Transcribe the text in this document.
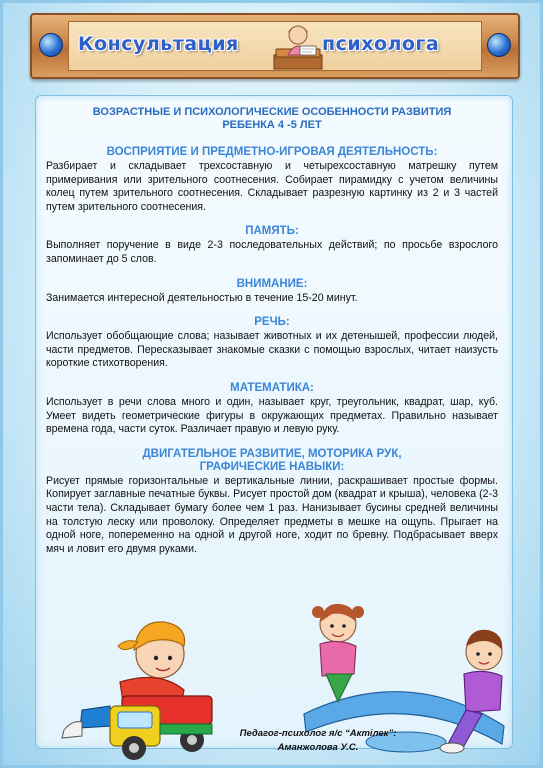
Консультация	психолога

ВОЗРАСТНЫЕ И ПСИХОЛОГИЧЕСКИЕ ОСОБЕННОСТИ РАЗВИТИЯ
РЕБЕНКА 4 -5 ЛЕТ

ВОСПРИЯТИЕ И ПРЕДМЕТНО-ИГРОВАЯ ДЕЯТЕЛЬНОСТЬ:

Разбирает и складывает трехсоставную и четырехсоставную матрешку путем примеривания или зрительного соотнесения. Собирает пирамидку с учетом величины колец путем зрительного соотнесения. Складывает разрезную картинку из 2 и 3 частей путем зрительного соотнесения.

ПАМЯТЬ:

Выполняет поручение в виде 2-3 последовательных действий; по просьбе взрослого запоминает до 5 слов.

ВНИМАНИЕ:

Занимается интересной деятельностью в течение 15-20 минут.

РЕЧЬ:

Использует обобщающие слова; называет животных и их детенышей, профессии людей, части предметов. Пересказывает знакомые сказки с помощью взрослых, читает наизусть короткие стихотворения.

МАТЕМАТИКА:

Использует в речи слова много и один, называет круг, треугольник, квадрат, шар, куб. Умеет видеть геометрические фигуры в окружающих предметах. Правильно называет времена года, части суток. Различает правую и левую руку.

ДВИГАТЕЛЬНОЕ РАЗВИТИЕ, МОТОРИКА РУК,
ГРАФИЧЕСКИЕ НАВЫКИ:

Рисует прямые горизонтальные и вертикальные линии, раскрашивает простые формы. Копирует заглавные печатные буквы. Рисует простой дом (квадрат и крыша), человека (2-3 части тела). Складывает бумагу более чем 1 раз. Нанизывает бусины средней величины на толстую леску или проволоку. Определяет предметы в мешке на ощупь. Прыгает на одной ноге, попеременно на одной и другой ноге, ходит по бревну. Подбрасывает вверх мяч и ловит его двумя руками.

Педагог-психолог я/с “Актілек”:
Аманжолова У.С.
